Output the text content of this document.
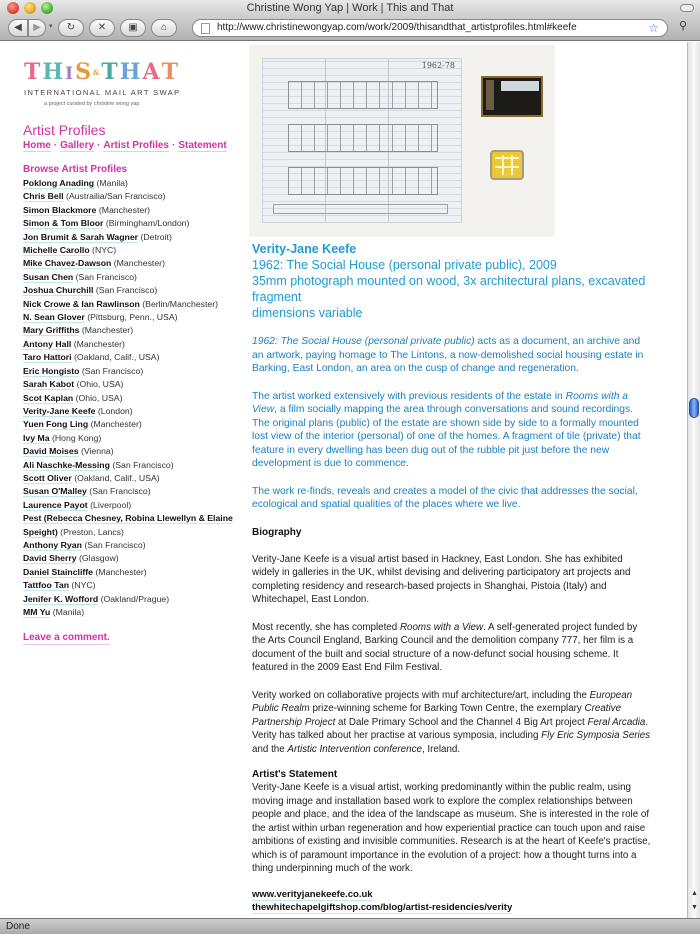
Christine Wong Yap | Work | This and That
◀	▶	▾	↻	✕	▣	⌂	http://www.christinewongyap.com/work/2009/thisandthat_artistprofiles.html#keefe	☆ ⚲
THIS&THAT
INTERNATIONAL MAIL ART SWAP
a project curated by christine wong yap
Artist Profiles
Home · Gallery · Artist Profiles · Statement
Browse Artist Profiles
Poklong Anading (Manila)
Chris Bell (Austrailia/San Francisco)
Simon Blackmore (Manchester)
Simon & Tom Bloor (Birmingham/London)
Jon Brumit & Sarah Wagner (Detroit)
Michelle Carollo (NYC)
Mike Chavez-Dawson (Manchester)
Susan Chen (San Francisco)
Joshua Churchill (San Francisco)
Nick Crowe & Ian Rawlinson (Berlin/Manchester)
N. Sean Glover (Pittsburg, Penn., USA)
Mary Griffiths (Manchester)
Antony Hall (Manchester)
Taro Hattori (Oakland, Calif., USA)
Eric Hongisto (San Francisco)
Sarah Kabot (Ohio, USA)
Scot Kaplan (Ohio, USA)
Verity-Jane Keefe (London)
Yuen Fong Ling (Manchester)
Ivy Ma (Hong Kong)
David Moises (Vienna)
Ali Naschke-Messing (San Francisco)
Scott Oliver (Oakland, Calif., USA)
Susan O'Malley (San Francisco)
Laurence Payot (Liverpool)
Pest (Rebecca Chesney, Robina Llewellyn & Elaine Speight) (Preston, Lancs)
Anthony Ryan (San Francisco)
David Sherry (Glasgow)
Daniel Staincliffe (Manchester)
Tattfoo Tan (NYC)
Jenifer K. Wofford (Oakland/Prague)
MM Yu (Manila)
Leave a comment.
1962-78
Verity-Jane Keefe
1962: The Social House (personal private public), 2009
35mm photograph mounted on wood, 3x architectural plans, excavated fragment
dimensions variable

1962: The Social House (personal private public) acts as a document, an archive and an artwork, paying homage to The Lintons, a now-demolished social housing estate in Barking, East London, an area on the cusp of change and regeneration.

The artist worked extensively with previous residents of the estate in Rooms with a View, a film socially mapping the area through conversations and sound recordings. The original plans (public) of the estate are shown side by side to a formally mounted lost view of the interior (personal) of one of the homes. A fragment of tile (private) that feature in every dwelling has been dug out of the rubble pit just before the new development is due to commence.

The work re-finds, reveals and creates a model of the civic that addresses the social, ecological and spatial qualities of the places where we live.

Biography

Verity-Jane Keefe is a visual artist based in Hackney, East London. She has exhibited widely in galleries in the UK, whilst devising and delivering participatory art projects and completing residency and research-based projects in Shanghai, Pistoia (Italy) and Whitechapel, East London.

Most recently, she has completed Rooms with a View. A self-generated project funded by the Arts Council England, Barking Council and the demolition company 777, her film is a document of the built and social structure of a now-defunct social housing scheme. It featured in the 2009 East End Film Festival.

Verity worked on collaborative projects with muf architecture/art, including the European Public Realm prize-winning scheme for Barking Town Centre, the exemplary Creative Partnership Project at Dale Primary School and the Channel 4 Big Art project Feral Arcadia. Verity has talked about her practise at various symposia, including Fly Eric Symposia Series and the Artistic Intervention conference, Ireland.

Artist's Statement

Verity-Jane Keefe is a visual artist, working predominantly within the public realm, using moving image and installation based work to explore the complex relationships between people and place, and the idea of the landscape as museum. She is interested in the role of the artist within urban regeneration and how experiential practice can touch upon and raise ambitions of existing and invisible communities. Research is at the heart of Keefe's practise, which is of paramount importance in the evolution of a project: how a thought turns into a thing underpinning much of the work.

www.verityjanekeefe.co.uk
thewhitechapelgiftshop.com/blog/artist-residencies/verity
▲
▼
Done
